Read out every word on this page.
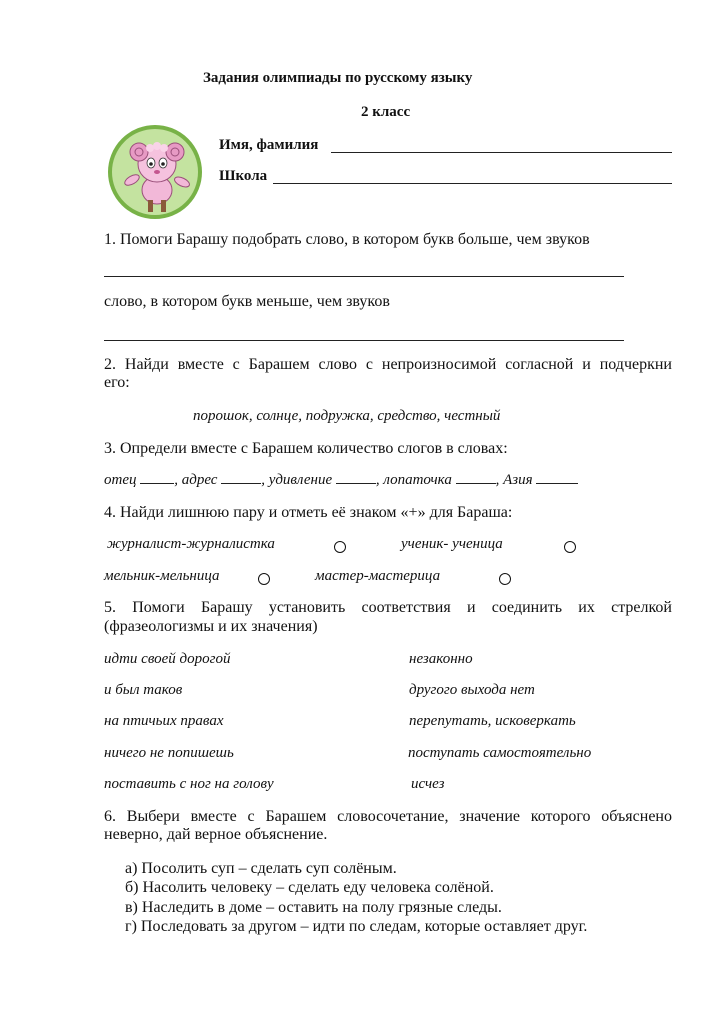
Задания олимпиады по русскому языку
2 класс
Имя, фамилия
Школа
1. Помоги Барашу подобрать слово, в котором букв больше, чем звуков
слово, в котором букв меньше, чем звуков
2. Найди вместе с Барашем слово с непроизносимой согласной и подчеркни
его:
порошок, солнце, подружка, средство, честный
3. Определи вместе с Барашем количество слогов в словах:
отец	, адрес	, удивление	, лопаточка	, Азия
4. Найди лишнюю пару и отметь её знаком «+» для Бараша:
журналист-журналистка	ученик- ученица
мельник-мельница	мастер-мастерица
5. Помоги Барашу установить соответствия и соединить их стрелкой
(фразеологизмы и их значения)
идти своей дорогой	незаконно
и был таков	другого выхода нет
на птичьих правах	перепутать, исковеркать
ничего не попишешь	поступать самостоятельно
поставить с ног на голову	исчез
6. Выбери вместе с Барашем словосочетание, значение которого объяснено
неверно, дай верное объяснение.
а) Посолить суп – сделать суп солёным.
б) Насолить человеку – сделать еду человека солёной.
в) Наследить в доме – оставить на полу грязные следы.
г) Последовать за другом – идти по следам, которые оставляет друг.
